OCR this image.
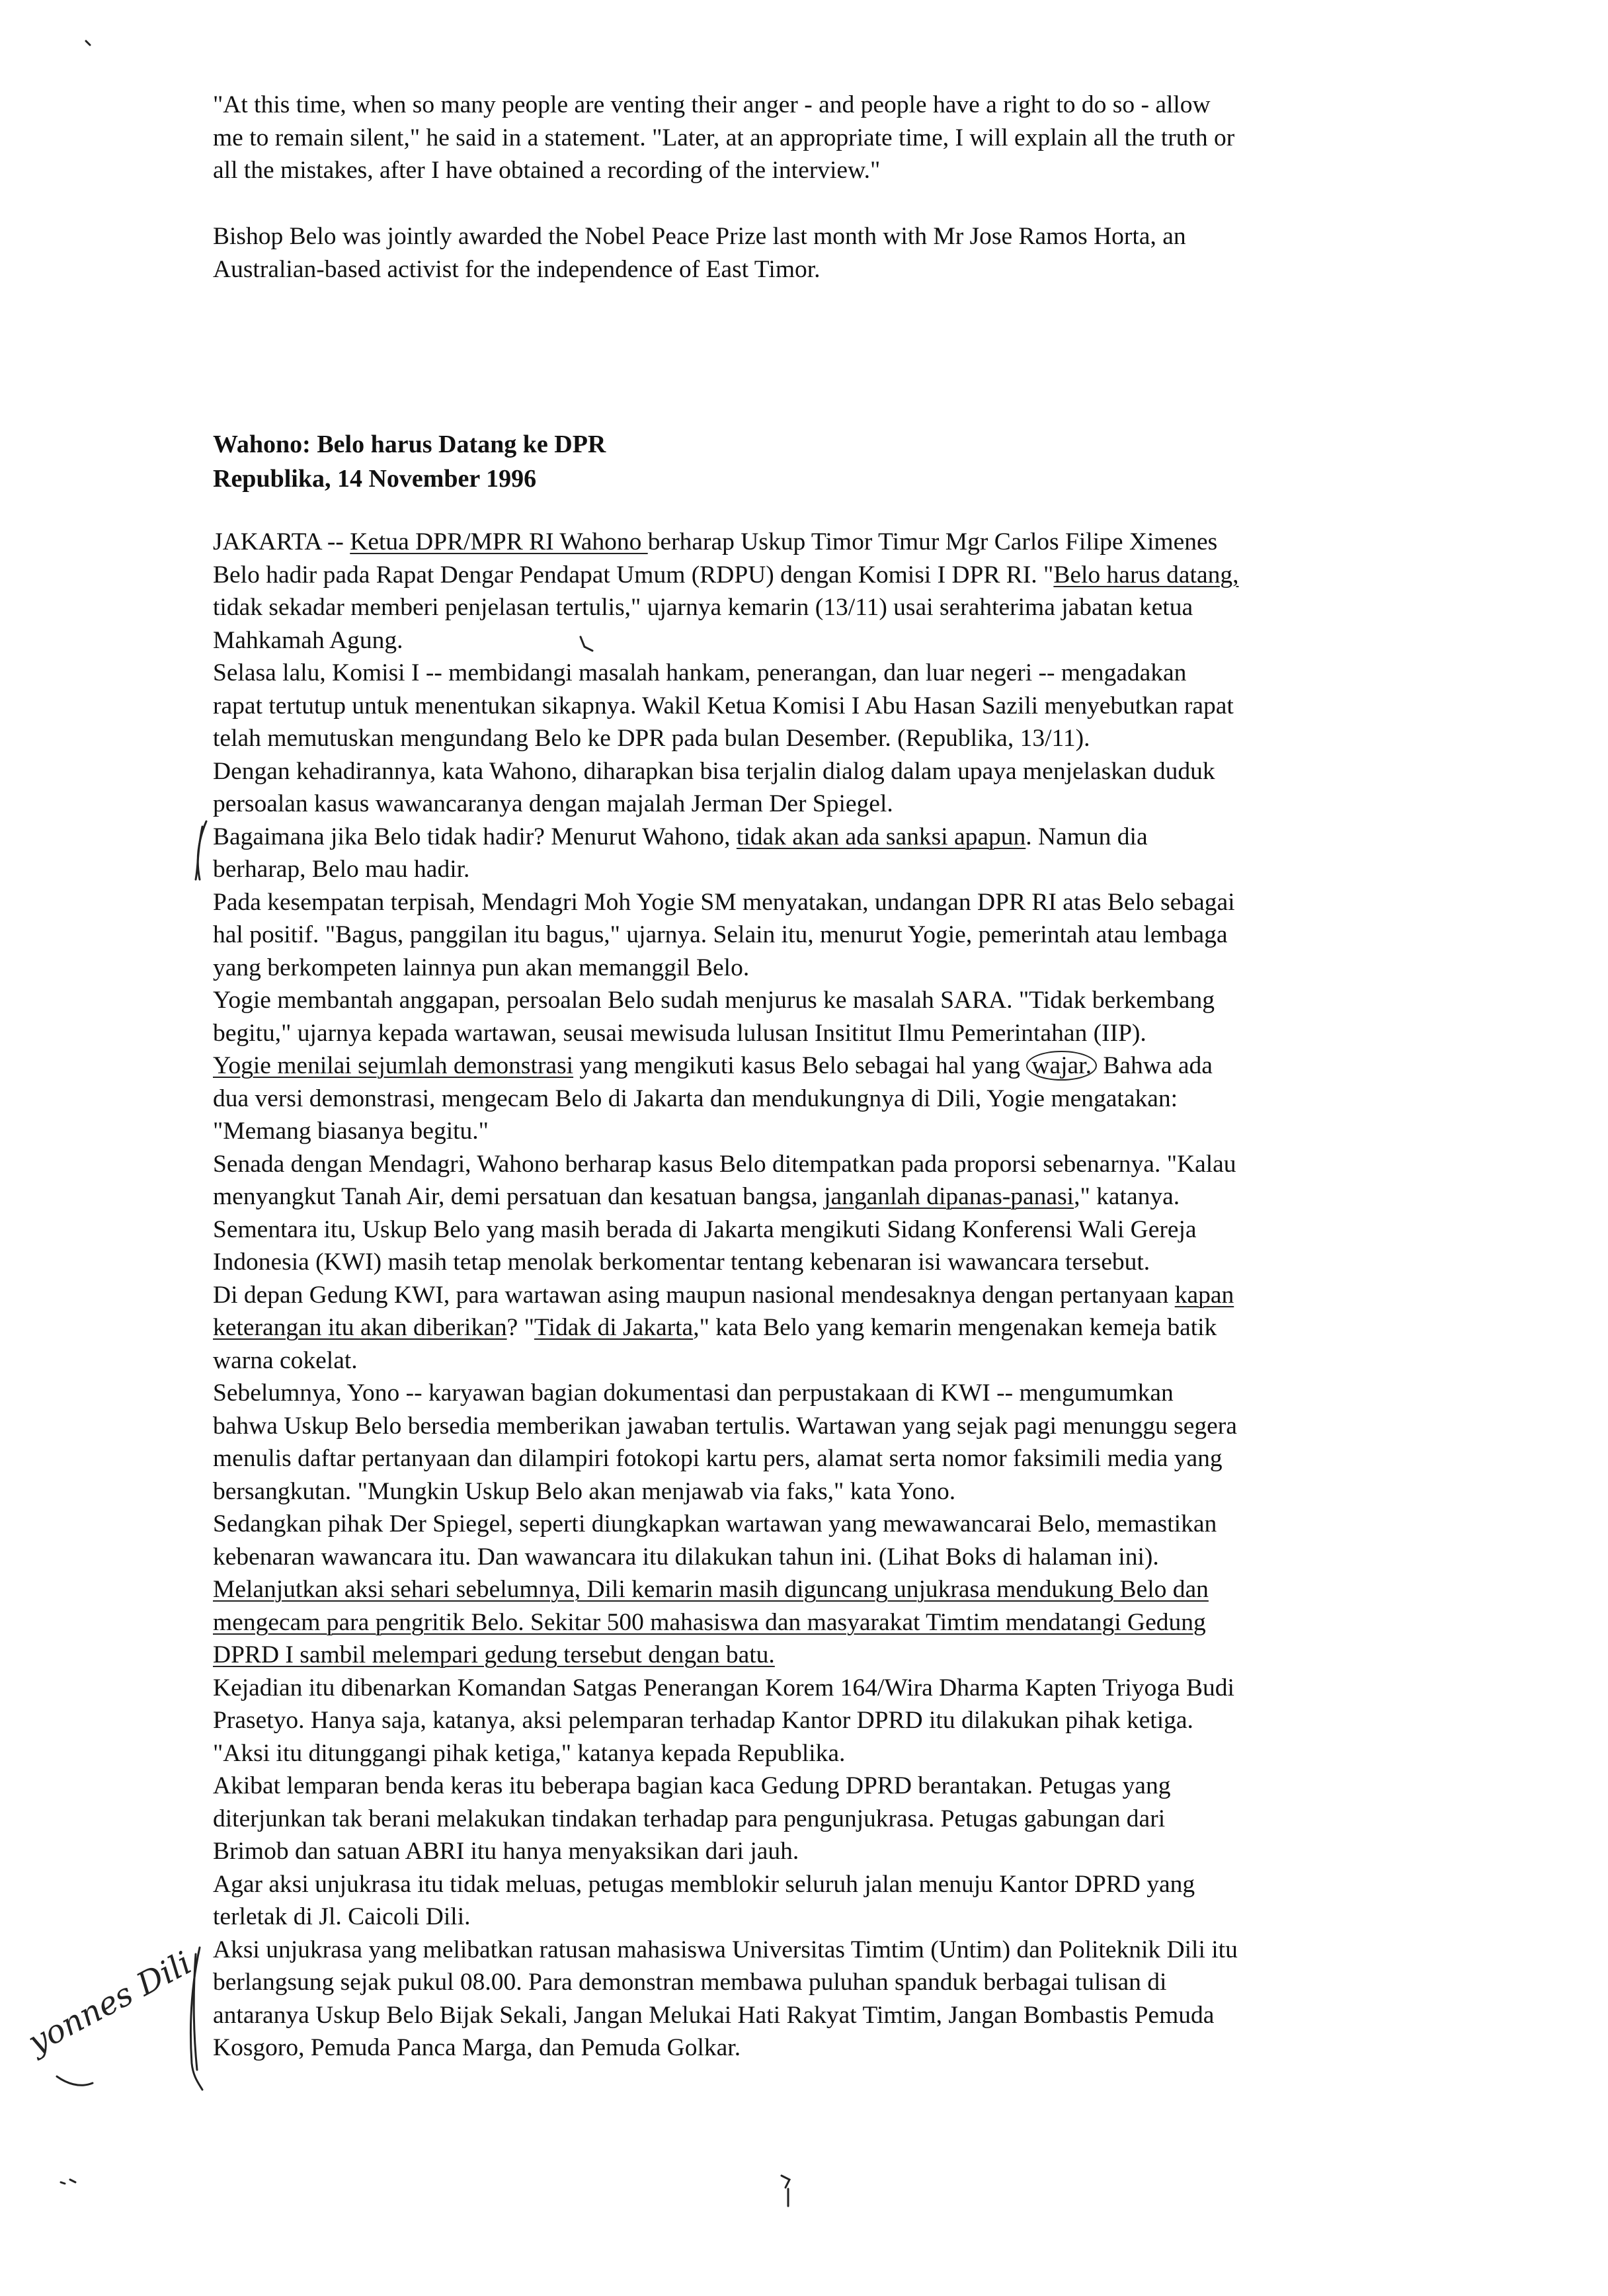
"At this time, when so many people are venting their anger - and people have a right to do so - allow
me to remain silent," he said in a statement. "Later, at an appropriate time, I will explain all the truth or
all the mistakes, after I have obtained a recording of the interview."
Bishop Belo was jointly awarded the Nobel Peace Prize last month with Mr Jose Ramos Horta, an
Australian-based activist for the independence of East Timor.
Wahono: Belo harus Datang ke DPR
Republika, 14 November 1996
JAKARTA -- Ketua DPR/MPR RI Wahono berharap Uskup Timor Timur Mgr Carlos Filipe Ximenes
Belo hadir pada Rapat Dengar Pendapat Umum (RDPU) dengan Komisi I DPR RI. "Belo harus datang,
tidak sekadar memberi penjelasan tertulis," ujarnya kemarin (13/11) usai serahterima jabatan ketua
Mahkamah Agung.
Selasa lalu, Komisi I -- membidangi masalah hankam, penerangan, dan luar negeri -- mengadakan
rapat tertutup untuk menentukan sikapnya. Wakil Ketua Komisi I Abu Hasan Sazili menyebutkan rapat
telah memutuskan mengundang Belo ke DPR pada bulan Desember. (Republika, 13/11).
Dengan kehadirannya, kata Wahono, diharapkan bisa terjalin dialog dalam upaya menjelaskan duduk
persoalan kasus wawancaranya dengan majalah Jerman Der Spiegel.
Bagaimana jika Belo tidak hadir? Menurut Wahono, tidak akan ada sanksi apapun. Namun dia
berharap, Belo mau hadir.
Pada kesempatan terpisah, Mendagri Moh Yogie SM menyatakan, undangan DPR RI atas Belo sebagai
hal positif. "Bagus, panggilan itu bagus," ujarnya. Selain itu, menurut Yogie, pemerintah atau lembaga
yang berkompeten lainnya pun akan memanggil Belo.
Yogie membantah anggapan, persoalan Belo sudah menjurus ke masalah SARA. "Tidak berkembang
begitu," ujarnya kepada wartawan, seusai mewisuda lulusan Insititut Ilmu Pemerintahan (IIP).
Yogie menilai sejumlah demonstrasi yang mengikuti kasus Belo sebagai hal yang wajar. Bahwa ada
dua versi demonstrasi, mengecam Belo di Jakarta dan mendukungnya di Dili, Yogie mengatakan:
"Memang biasanya begitu."
Senada dengan Mendagri, Wahono berharap kasus Belo ditempatkan pada proporsi sebenarnya. "Kalau
menyangkut Tanah Air, demi persatuan dan kesatuan bangsa, janganlah dipanas-panasi," katanya.
Sementara itu, Uskup Belo yang masih berada di Jakarta mengikuti Sidang Konferensi Wali Gereja
Indonesia (KWI) masih tetap menolak berkomentar tentang kebenaran isi wawancara tersebut.
Di depan Gedung KWI, para wartawan asing maupun nasional mendesaknya dengan pertanyaan kapan
keterangan itu akan diberikan? "Tidak di Jakarta," kata Belo yang kemarin mengenakan kemeja batik
warna cokelat.
Sebelumnya, Yono -- karyawan bagian dokumentasi dan perpustakaan di KWI -- mengumumkan
bahwa Uskup Belo bersedia memberikan jawaban tertulis. Wartawan yang sejak pagi menunggu segera
menulis daftar pertanyaan dan dilampiri fotokopi kartu pers, alamat serta nomor faksimili media yang
bersangkutan. "Mungkin Uskup Belo akan menjawab via faks," kata Yono.
Sedangkan pihak Der Spiegel, seperti diungkapkan wartawan yang mewawancarai Belo, memastikan
kebenaran wawancara itu. Dan wawancara itu dilakukan tahun ini. (Lihat Boks di halaman ini).
Melanjutkan aksi sehari sebelumnya, Dili kemarin masih diguncang unjukrasa mendukung Belo dan
mengecam para pengritik Belo. Sekitar 500 mahasiswa dan masyarakat Timtim mendatangi Gedung
DPRD I sambil melempari gedung tersebut dengan batu.
Kejadian itu dibenarkan Komandan Satgas Penerangan Korem 164/Wira Dharma Kapten Triyoga Budi
Prasetyo. Hanya saja, katanya, aksi pelemparan terhadap Kantor DPRD itu dilakukan pihak ketiga.
"Aksi itu ditunggangi pihak ketiga," katanya kepada Republika.
Akibat lemparan benda keras itu beberapa bagian kaca Gedung DPRD berantakan. Petugas yang
diterjunkan tak berani melakukan tindakan terhadap para pengunjukrasa. Petugas gabungan dari
Brimob dan satuan ABRI itu hanya menyaksikan dari jauh.
Agar aksi unjukrasa itu tidak meluas, petugas memblokir seluruh jalan menuju Kantor DPRD yang
terletak di Jl. Caicoli Dili.
Aksi unjukrasa yang melibatkan ratusan mahasiswa Universitas Timtim (Untim) dan Politeknik Dili itu
berlangsung sejak pukul 08.00. Para demonstran membawa puluhan spanduk berbagai tulisan di
antaranya Uskup Belo Bijak Sekali, Jangan Melukai Hati Rakyat Timtim, Jangan Bombastis Pemuda
Kosgoro, Pemuda Panca Marga, dan Pemuda Golkar.
yonnes Dili
